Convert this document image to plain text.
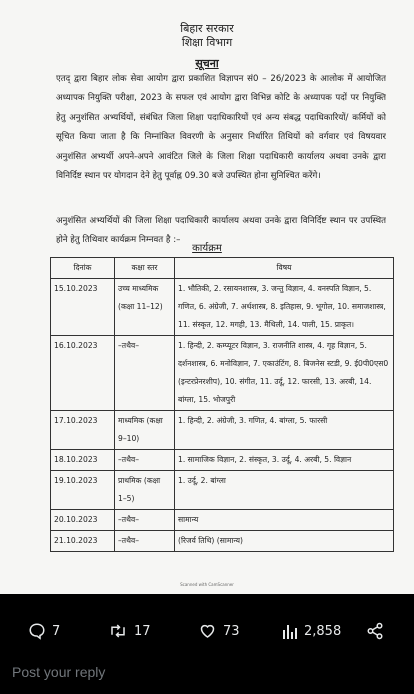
बिहार सरकार
शिक्षा विभाग
सूचना
एतद् द्वारा बिहार लोक सेवा आयोग द्वारा प्रकाशित विज्ञापन सं0 – 26/2023 के आलोक में आयोजित अध्यापक नियुक्ति परीक्षा, 2023 के सफल एवं आयोग द्वारा विभिन्न कोटि के अध्यापक पदों पर नियुक्ति हेतु अनुशंसित अभ्यर्थियों, संबंधित जिला शिक्षा पदाधिकारियों एवं अन्य संबद्ध पदाधिकारियों/ कर्मियों को सूचित किया जाता है कि निम्नांकित विवरणी के अनुसार निर्धारित तिथियों को वर्गवार एवं विषयवार अनुशंसित अभ्यर्थी अपने-अपने आवंटित जिले के जिला शिक्षा पदाधिकारी कार्यालय अथवा उनके द्वारा विनिर्दिष्ट स्थान पर योगदान देने हेतु पूर्वाह्न 09.30 बजे उपस्थित होना सुनिश्चित करेंगे।
अनुशंसित अभ्यर्थियों की जिला शिक्षा पदाधिकारी कार्यालय अथवा उनके द्वारा विनिर्दिष्ट स्थान पर उपस्थित होने हेतु तिथिवार कार्यक्रम निम्नवत है :–
कार्यक्रम
दिनांक	कक्षा स्तर	विषय
15.10.2023	उच्च माध्यमिक (कक्षा 11–12)	1. भौतिकी, 2. रसायनशास्त्र, 3. जन्तु विज्ञान, 4. वनस्पति विज्ञान, 5. गणित, 6. अंग्रेजी, 7. अर्थशास्त्र, 8. इतिहास, 9. भूगोल, 10. समाजशास्त्र, 11. संस्कृत, 12. मगही, 13. मैथिली, 14. पाली, 15. प्राकृत।
16.10.2023	–तथैव–	1. हिन्दी, 2. कम्प्यूटर विज्ञान, 3. राजनीति शास्त्र, 4. गृह विज्ञान, 5. दर्शनशास्त्र, 6. मनोविज्ञान, 7. एकाउंटिंग, 8. बिजनेस स्टडी, 9. ई0पी0एस0 (इन्टरप्रेनरशीप), 10. संगीत, 11. उर्दू, 12. फारसी, 13. अरबी, 14. बांग्ला, 15. भोजपुरी
17.10.2023	माध्यमिक (कक्षा 9–10)	1. हिन्दी, 2. अंग्रेजी, 3. गणित, 4. बांग्ला, 5. फारसी
18.10.2023	–तथैव–	1. सामाजिक विज्ञान, 2. संस्कृत, 3. उर्दू, 4. अरबी, 5. विज्ञान
19.10.2023	प्राथमिक (कक्षा 1–5)	1. उर्दू, 2. बांग्ला
20.10.2023	–तथैव–	सामान्य
21.10.2023	–तथैव–	(रिजर्व तिथि) (सामान्य)
Scanned with CamScanner
7	17	73	2,858
Post your reply
